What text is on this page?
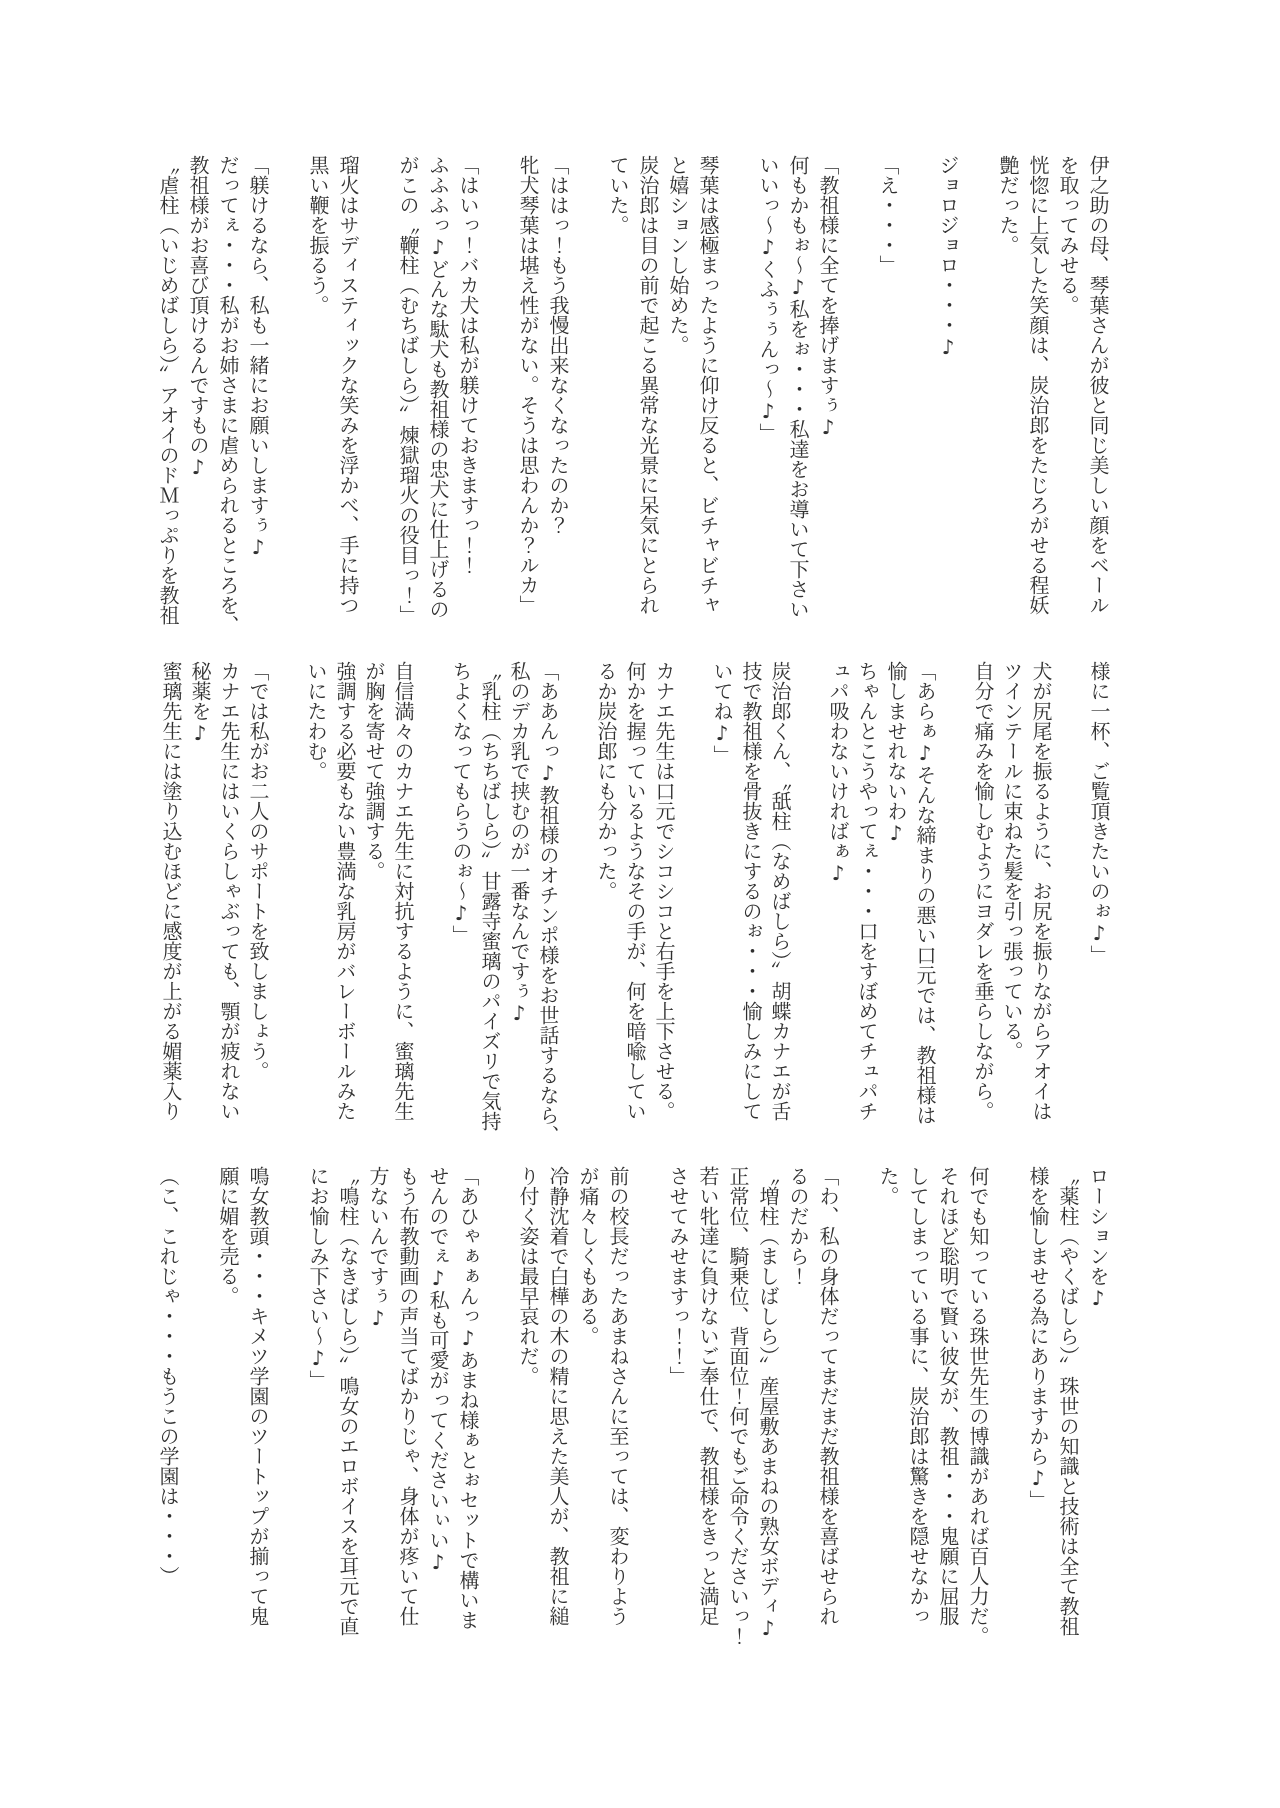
伊之助の母、琴葉さんが彼と同じ美しい顔をベール

を取ってみせる。

恍惚に上気した笑顔は、炭治郎をたじろがせる程妖

艶だった。

ジョロジョロ・・・♪

「え・・・」

「教祖様に全てを捧げますぅ♪

何もかもぉ〜♪私をぉ・・・私達をお導いて下さい

いいっ〜♪くふぅぅんっ〜♪」

琴葉は感極まったように仰け反ると、ビチャビチャ

と嬉ションし始めた。

炭治郎は目の前で起こる異常な光景に呆気にとられ

ていた。

「ははっ！もう我慢出来なくなったのか？

牝犬琴葉は堪え性がない。そうは思わんか？ルカ」

「はいっ！バカ犬は私が躾けておきますっ！！

ふふふっ♪どんな駄犬も教祖様の忠犬に仕上げるの

がこの〝鞭柱（むちばしら）〟煉獄瑠火の役目っ！」

瑠火はサディスティックな笑みを浮かべ、手に持つ

黒い鞭を振るう。

「躾けるなら、私も一緒にお願いしますぅ♪

だってぇ・・・私がお姉さまに虐められるところを、

教祖様がお喜び頂けるんですもの♪

〝虐柱（いじめばしら）〟アオイのドＭっぷりを教祖

様に一杯、ご覧頂きたいのぉ♪」

犬が尻尾を振るように、お尻を振りながらアオイは

ツインテールに束ねた髪を引っ張っている。

自分で痛みを愉しむようにヨダレを垂らしながら。

「あらぁ♪そんな締まりの悪い口元では、教祖様は

愉しませれないわ♪

ちゃんとこうやってぇ・・・口をすぼめてチュパチ

ュパ吸わないければぁ♪

炭治郎くん、〝舐柱（なめばしら）〟胡蝶カナエが舌

技で教祖様を骨抜きにするのぉ・・・愉しみにして

いてね♪」

カナエ先生は口元でシコシコと右手を上下させる。

何かを握っているようなその手が、何を暗喩してい

るか炭治郎にも分かった。

「ああんっ♪教祖様のオチンポ様をお世話するなら、

私のデカ乳で挟むのが一番なんですぅ♪

〝乳柱（ちちばしら）〟甘露寺蜜璃のパイズリで気持

ちよくなってもらうのぉ〜♪」

自信満々のカナエ先生に対抗するように、蜜璃先生

が胸を寄せて強調する。

強調する必要もない豊満な乳房がバレーボールみた

いにたわむ。

「では私がお二人のサポートを致しましょう。

カナエ先生にはいくらしゃぶっても、顎が疲れない

秘薬を♪

蜜璃先生には塗り込むほどに感度が上がる媚薬入り

ローションを♪

〝薬柱（やくばしら）〟珠世の知識と技術は全て教祖

様を愉しませる為にありますから♪」

何でも知っている珠世先生の博識があれば百人力だ。

それほど聡明で賢い彼女が、教祖・・・鬼願に屈服

してしまっている事に、炭治郎は驚きを隠せなかっ

た。

「わ、私の身体だってまだまだ教祖様を喜ばせられ

るのだから！

〝増柱（ましばしら）〟産屋敷あまねの熟女ボディ♪

正常位、騎乗位、背面位！何でもご命令くださいっ！

若い牝達に負けないご奉仕で、教祖様をきっと満足

させてみせますっ！！」

前の校長だったあまねさんに至っては、変わりよう

が痛々しくもある。

冷静沈着で白樺の木の精に思えた美人が、教祖に縋

り付く姿は最早哀れだ。

「あひゃぁぁんっ♪あまね様ぁとぉセットで構いま

せんのでぇ♪私も可愛がってくださいぃい♪

もう布教動画の声当てばかりじゃ、身体が疼いて仕

方ないんですぅ♪

〝鳴柱（なきばしら）〟鳴女のエロボイスを耳元で直

にお愉しみ下さい〜♪」

鳴女教頭・・・キメツ学園のツートップが揃って鬼

願に媚を売る。

（こ、これじゃ・・・もうこの学園は・・・）
